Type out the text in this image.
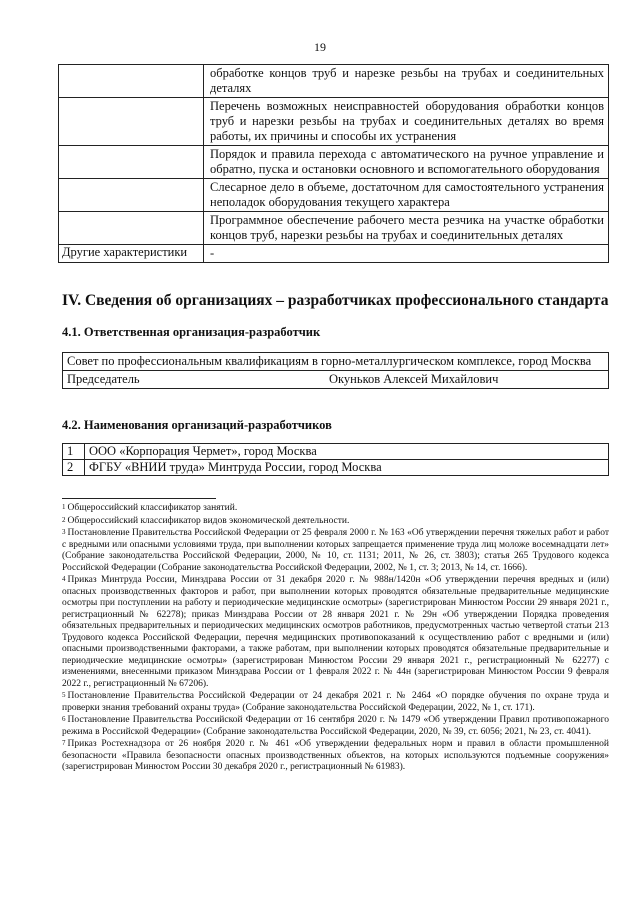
19
	обработке концов труб и нарезке резьбы на трубах и соединительных деталях
	Перечень возможных неисправностей оборудования обработки концов труб и нарезки резьбы на трубах и соединительных деталях во время работы, их причины и способы их устранения
	Порядок и правила перехода с автоматического на ручное управление и обратно, пуска и остановки основного и вспомогательного оборудования
	Слесарное дело в объеме, достаточном для самостоятельного устранения неполадок оборудования текущего характера
	Программное обеспечение рабочего места резчика на участке обработки концов труб, нарезки резьбы на трубах и соединительных деталях
Другие характеристики	-
IV. Сведения об организациях – разработчиках профессионального стандарта
4.1. Ответственная организация-разработчик
Совет по профессиональным квалификациям в горно-металлургическом комплексе, город Москва

Председатель	Окуньков Алексей Михайлович
4.2. Наименования организаций-разработчиков
1	ООО «Корпорация Чермет», город Москва
2	ФГБУ «ВНИИ труда» Минтруда России, город Москва

$^1$ Общероссийский классификатор занятий.

$^2$ Общероссийский классификатор видов экономической деятельности.

$^3$ Постановление Правительства Российской Федерации от 25 февраля 2000 г. № 163 «Об утверждении перечня тяжелых работ и работ с вредными или опасными условиями труда, при выполнении которых запрещается применение труда лиц моложе восемнадцати лет» (Собрание законодательства Российской Федерации, 2000, № 10, ст. 1131; 2011, № 26, ст. 3803); статья 265 Трудового кодекса Российской Федерации (Собрание законодательства Российской Федерации, 2002, № 1, ст. 3; 2013, № 14, ст. 1666).

$^4$ Приказ Минтруда России, Минздрава России от 31 декабря 2020 г. № 988н/1420н «Об утверждении перечня вредных и (или) опасных производственных факторов и работ, при выполнении которых проводятся обязательные предварительные медицинские осмотры при поступлении на работу и периодические медицинские осмотры» (зарегистрирован Минюстом России 29 января 2021 г., регистрационный № 62278); приказ Минздрава России от 28 января 2021 г. № 29н «Об утверждении Порядка проведения обязательных предварительных и периодических медицинских осмотров работников, предусмотренных частью четвертой статьи 213 Трудового кодекса Российской Федерации, перечня медицинских противопоказаний к осуществлению работ с вредными и (или) опасными производственными факторами, а также работам, при выполнении которых проводятся обязательные предварительные и периодические медицинские осмотры» (зарегистрирован Минюстом России 29 января 2021 г., регистрационный № 62277) с изменениями, внесенными приказом Минздрава России от 1 февраля 2022 г. № 44н (зарегистрирован Минюстом России 9 февраля 2022 г., регистрационный № 67206).

$^5$ Постановление Правительства Российской Федерации от 24 декабря 2021 г. № 2464 «О порядке обучения по охране труда и проверки знания требований охраны труда» (Собрание законодательства Российской Федерации, 2022, № 1, ст. 171).

$^6$ Постановление Правительства Российской Федерации от 16 сентября 2020 г. № 1479 «Об утверждении Правил противопожарного режима в Российской Федерации» (Собрание законодательства Российской Федерации, 2020, № 39, ст. 6056; 2021, № 23, ст. 4041).

$^7$ Приказ Ростехнадзора от 26 ноября 2020 г. № 461 «Об утверждении федеральных норм и правил в области промышленной безопасности «Правила безопасности опасных производственных объектов, на которых используются подъемные сооружения» (зарегистрирован Минюстом России 30 декабря 2020 г., регистрационный № 61983).
